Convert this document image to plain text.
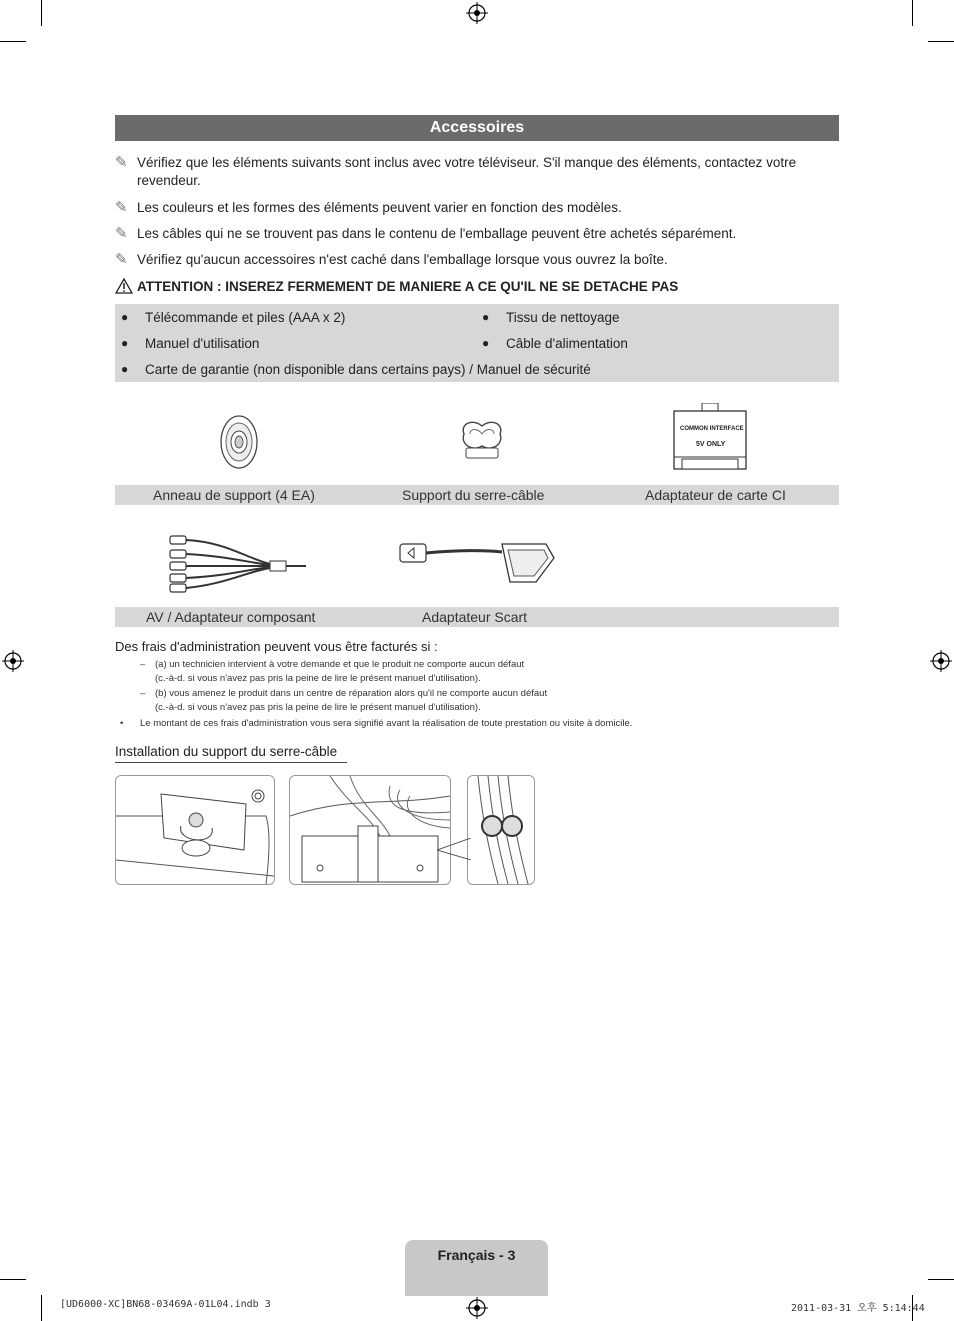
Accessoires
✎ Vérifiez que les éléments suivants sont inclus avec votre téléviseur. S'il manque des éléments, contactez votre revendeur.
✎ Les couleurs et les formes des éléments peuvent varier en fonction des modèles.
✎ Les câbles qui ne se trouvent pas dans le contenu de l'emballage peuvent être achetés séparément.
✎ Vérifiez qu'aucun accessoires n'est caché dans l'emballage lorsque vous ouvrez la boîte.
ATTENTION : INSEREZ FERMEMENT DE MANIERE A CE QU'IL NE SE DETACHE PAS
● Télécommande et piles (AAA x 2)	● Tissu de nettoyage
● Manuel d'utilisation	● Câble d'alimentation
● Carte de garantie (non disponible dans certains pays) / Manuel de sécurité
COMMON INTERFACE
5V ONLY
Anneau de support (4 EA)	Support du serre-câble	Adaptateur de carte CI
AV / Adaptateur composant	Adaptateur Scart
Des frais d'administration peuvent vous être facturés si :
– (a) un technicien intervient à votre demande et que le produit ne comporte aucun défaut
(c.-à-d. si vous n'avez pas pris la peine de lire le présent manuel d'utilisation).
– (b) vous amenez le produit dans un centre de réparation alors qu'il ne comporte aucun défaut
(c.-à-d. si vous n'avez pas pris la peine de lire le présent manuel d'utilisation).
• Le montant de ces frais d'administration vous sera signifié avant la réalisation de toute prestation ou visite à domicile.
Installation du support du serre-câble
Français - 3
[UD6000-XC]BN68-03469A-01L04.indb 3	2011-03-31 오후 5:14:44
